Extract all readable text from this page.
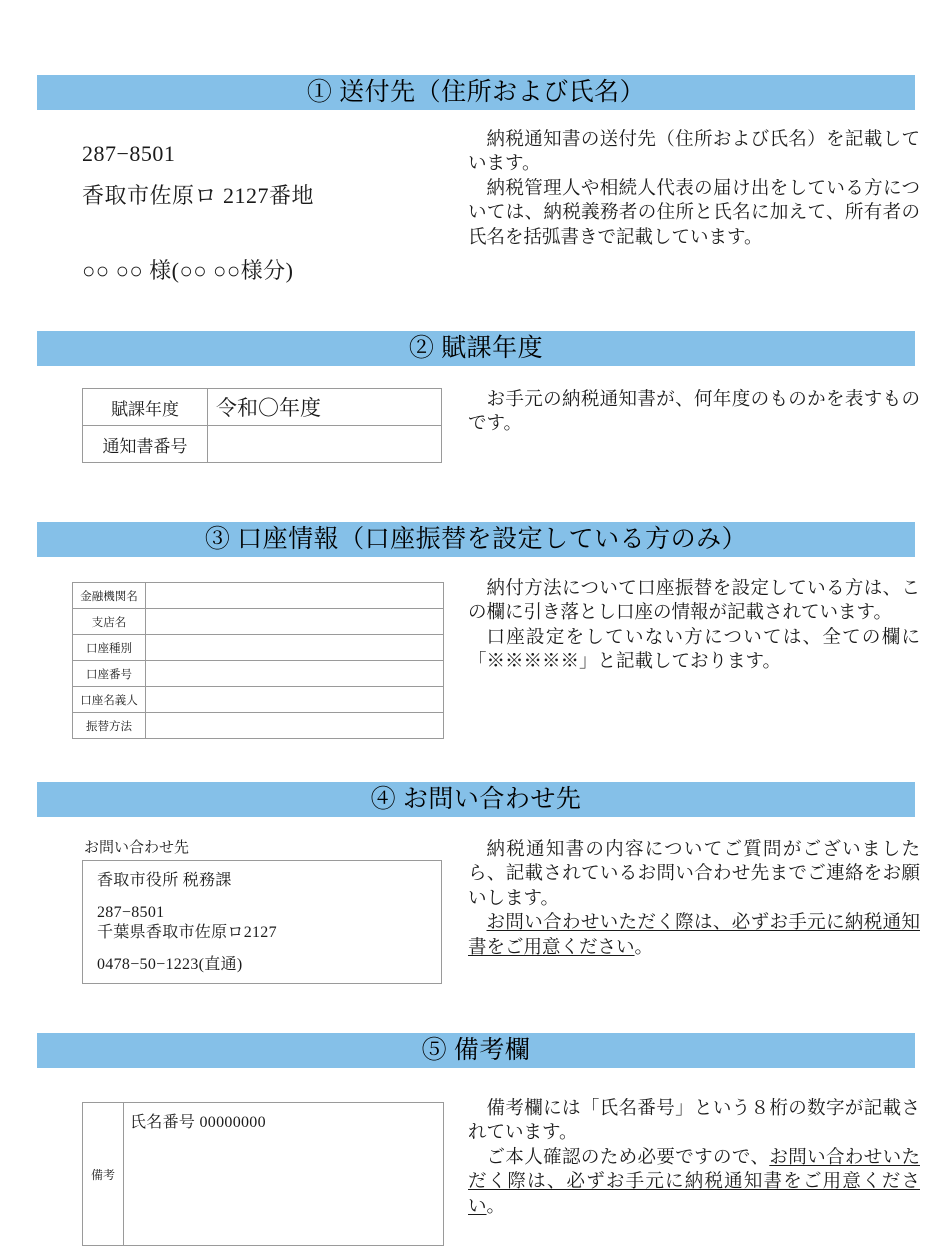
① 送付先（住所および氏名）
287−8501
香取市佐原ロ 2127番地
○○ ○○ 様(○○ ○○様分)

納税通知書の送付先（住所および氏名）を記載しています。

納税管理人や相続人代表の届け出をしている方については、納税義務者の住所と氏名に加えて、所有者の氏名を括弧書きで記載しています。

② 賦課年度
賦課年度	令和〇年度
通知書番号	

お手元の納税通知書が、何年度のものかを表すものです。

③ 口座情報（口座振替を設定している方のみ）
金融機関名	
支店名	
口座種別	
口座番号	
口座名義人	
振替方法	

納付方法について口座振替を設定している方は、この欄に引き落とし口座の情報が記載されています。

口座設定をしていない方については、全ての欄に「※※※※※」と記載しております。

④ お問い合わせ先
お問い合わせ先
香取市役所 税務課
287−8501
千葉県香取市佐原ロ2127
0478−50−1223(直通)

納税通知書の内容についてご質問がございましたら、記載されているお問い合わせ先までご連絡をお願いします。

お問い合わせいただく際は、必ずお手元に納税通知書をご用意ください。

⑤ 備考欄
備考	氏名番号 00000000

備考欄には「氏名番号」という８桁の数字が記載されています。

ご本人確認のため必要ですので、お問い合わせいただく際は、必ずお手元に納税通知書をご用意ください。
